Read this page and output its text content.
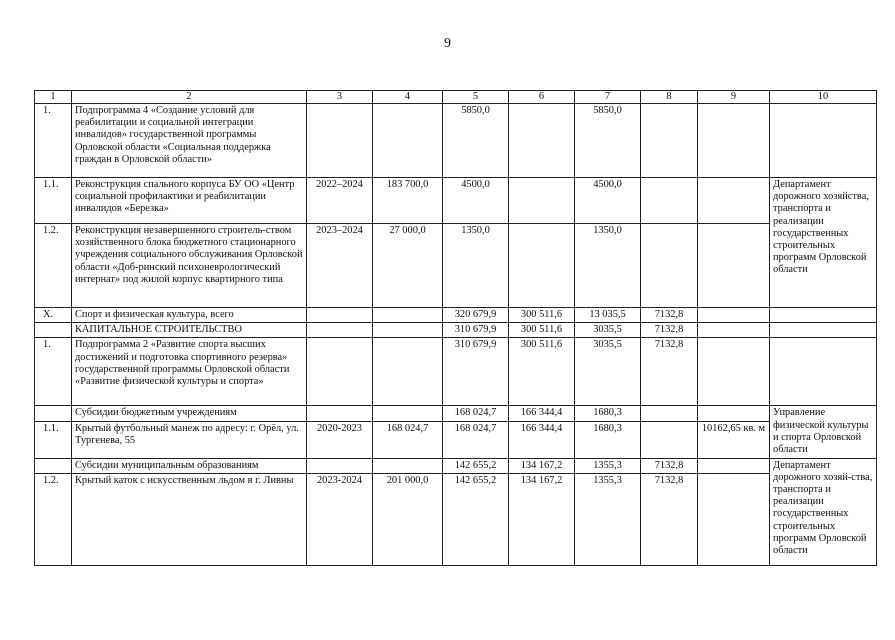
9
1	2	3	4	5	6	7	8	9	10
1.	Подпрограмма 4 «Создание условий для реабилитации и социальной интеграции инвалидов» государственной программы Орловской области «Социальная поддержка граждан в Орловской области»			5850,0		5850,0			
1.1.	Реконструкция спального корпуса БУ ОО «Центр социальной профилактики и реабилитации инвалидов «Березка»	2022–2024	183 700,0	4500,0		4500,0			Департамент дорожного хозяйства, транспорта и реализации государственных строительных программ Орловской области
1.2.	Реконструкция незавершенного строитель-ством хозяйственного блока бюджетного стационарного учреждения социального обслуживания Орловской области «Доб-ринский психоневрологический интернат» под жилой корпус квартирного типа	2023–2024	27 000,0	1350,0		1350,0			
X.	Спорт и физическая культура, всего			320 679,9	300 511,6	13 035,5	7132,8		
	КАПИТАЛЬНОЕ СТРОИТЕЛЬСТВО			310 679,9	300 511,6	3035,5	7132,8		
1.	Подпрограмма 2 «Развитие спорта высших достижений и подготовка спортивного резерва» государственной программы Орловской области «Развитие физической культуры и спорта»			310 679,9	300 511,6	3035,5	7132,8		
	Субсидии бюджетным учреждениям			168 024,7	166 344,4	1680,3			Управление физической культуры и спорта Орловской области
1.1.	Крытый футбольный манеж по адресу: г. Орёл, ул. Тургенева, 55	2020-2023	168 024,7	168 024,7	166 344,4	1680,3		10162,65 кв. м	
	Субсидии муниципальным образованиям			142 655,2	134 167,2	1355,3	7132,8		Департамент дорожного хозяй-ства, транспорта и реализации государственных строительных программ Орловской области
1.2.	Крытый каток с искусственным льдом в г. Ливны	2023-2024	201 000,0	142 655,2	134 167,2	1355,3	7132,8		
